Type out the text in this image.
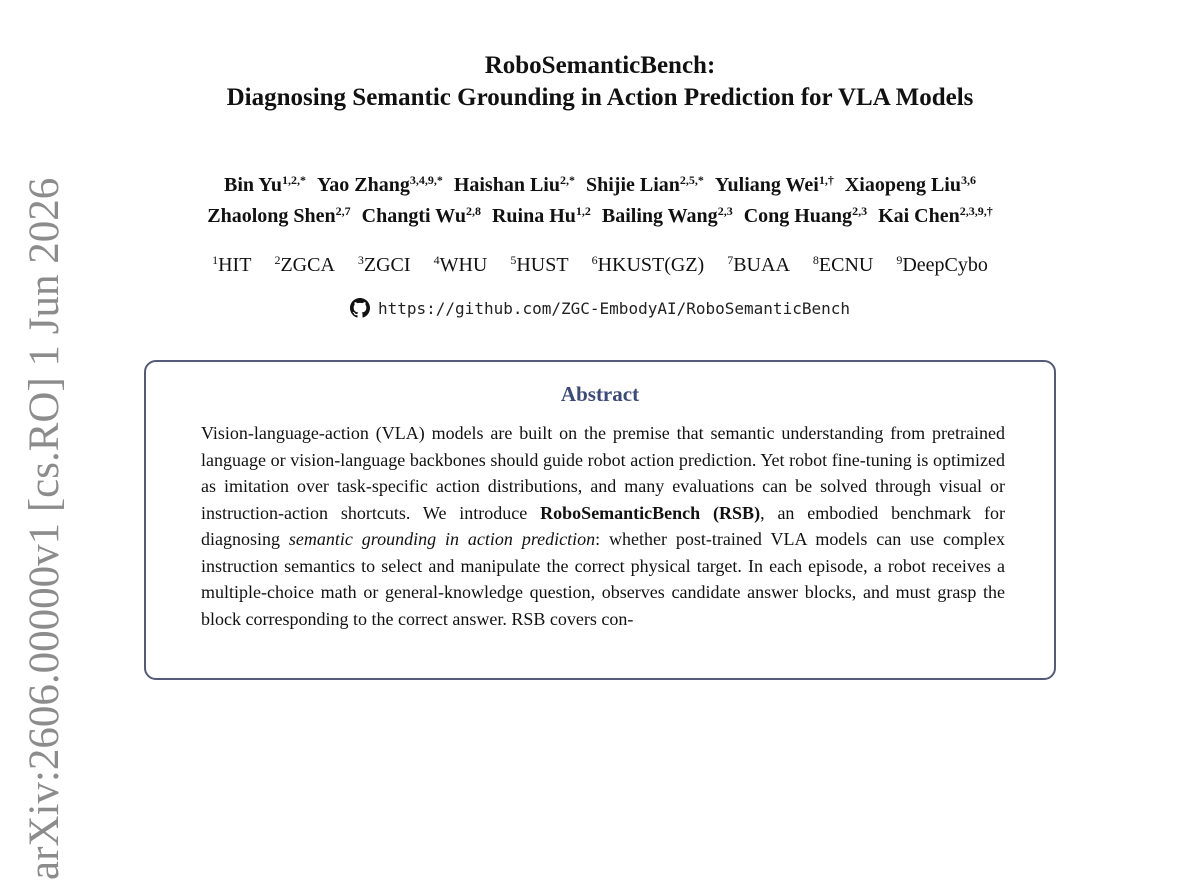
RoboSemanticBench:
Diagnosing Semantic Grounding in Action Prediction for VLA Models
Bin $Yu^{1,2,*}$ Yao Zhang$^{3,4,9,*}$ Haishan Liu$^{2,*}$ Shijie Lian$^{2,5,*}$ Yuliang Wei$^{1,\dagger}$ Xiaopeng Liu$^{3,6}$
Zhaolong Shen$^{2,7}$ Changti Wu$^{2,8}$ Ruina Hu$^{1,2}$ Bailing Wang$^{2,3}$ Cong Huang$^{2,3}$ Kai Chen$^{2,3,9,\dagger}$
$^1$HIT $^2$ZGCA $^3$ZGCI $^4$WHU $^5$HUST $^6$HKUST(GZ) $^7$BUAA $^8$ECNU $^9$DeepCybo
https://github.com/ZGC-EmbodyAI/RoboSemanticBench
arXiv:2606.00000v1 [cs.RO] 1 Jun 2026	Abstract
Vision-language-action (VLA) models are built on the premise that semantic understanding from pretrained language or vision-language backbones should guide robot action prediction. Yet robot fine-tuning is optimized as imitation over task-specific action distributions, and many evaluations can be solved through visual or instruction-action shortcuts. We introduce RoboSemanticBench (RSB), an embodied benchmark for diagnosing semantic grounding in action prediction: whether post-trained VLA models can use complex instruction semantics to select and manipulate the correct physical target. In each episode, a robot receives a multiple-choice math or general-knowledge question, observes candidate answer blocks, and must grasp the block corresponding to the correct answer. RSB covers con-
